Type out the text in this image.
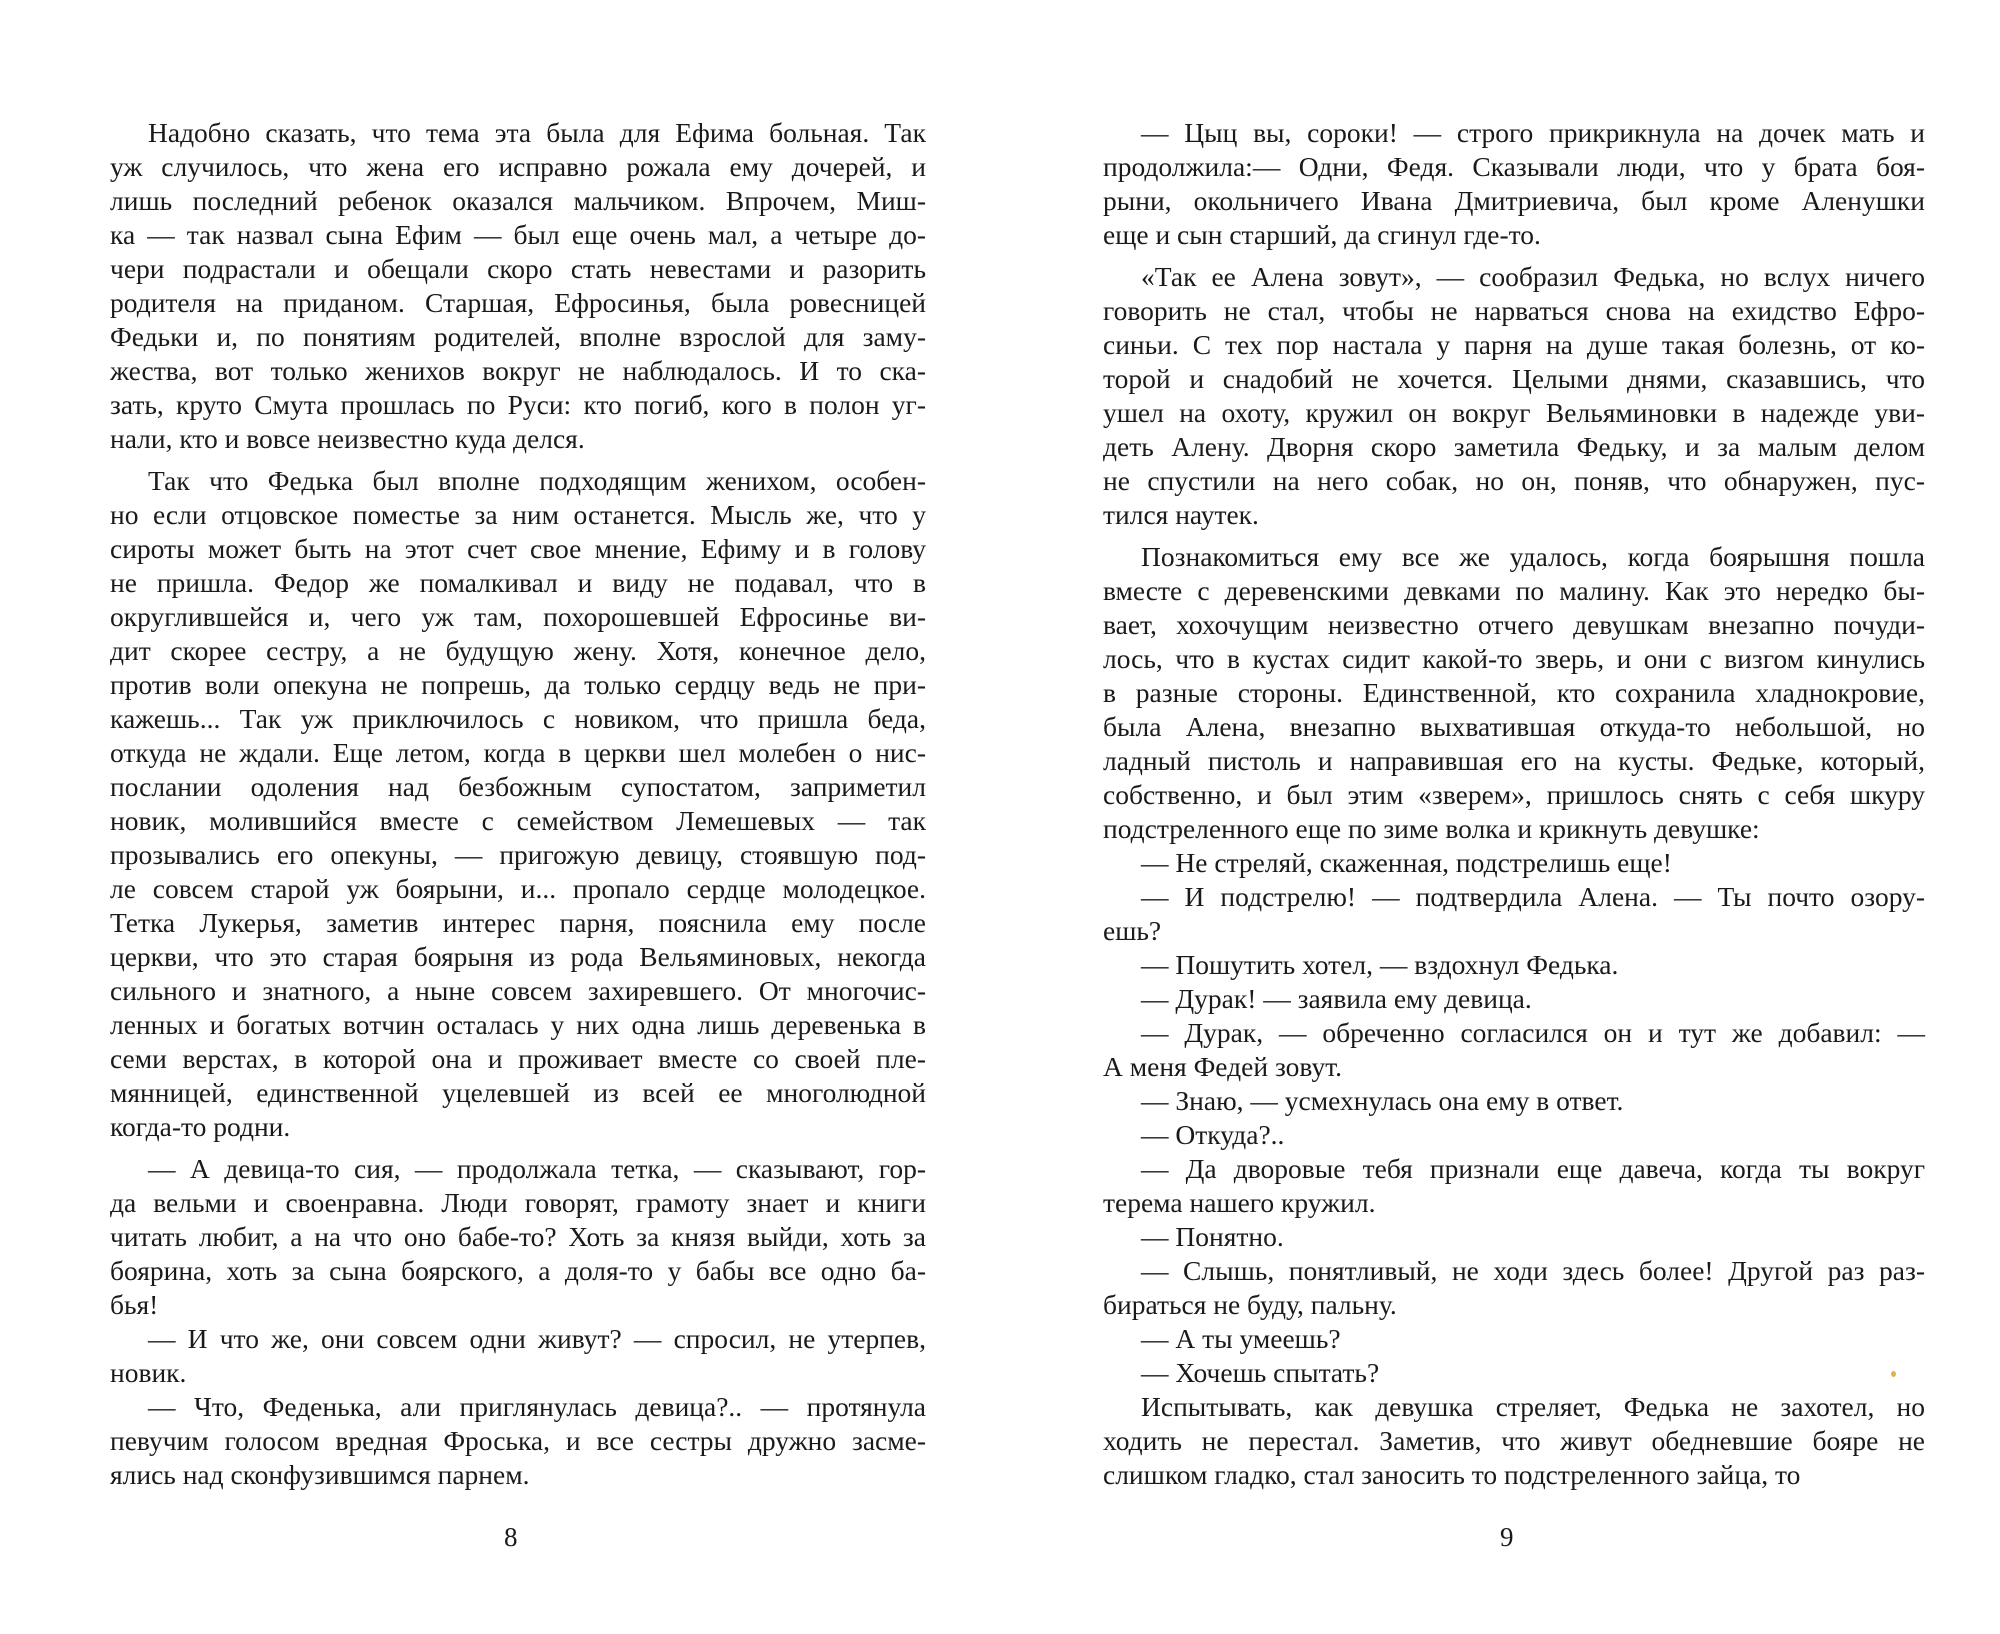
Надобно сказать, что тема эта была для Ефима больная. Так
уж случилось, что жена его исправно рожала ему дочерей, и
лишь последний ребенок оказался мальчиком. Впрочем, Миш-
ка — так назвал сына Ефим — был еще очень мал, а четыре до-
чери подрастали и обещали скоро стать невестами и разорить
родителя на приданом. Старшая, Ефросинья, была ровесницей
Федьки и, по понятиям родителей, вполне взрослой для заму-
жества, вот только женихов вокруг не наблюдалось. И то ска-
зать, круто Смута прошлась по Руси: кто погиб, кого в полон уг-
нали, кто и вовсе неизвестно куда делся.
Так что Федька был вполне подходящим женихом, особен-
но если отцовское поместье за ним останется. Мысль же, что у
сироты может быть на этот счет свое мнение, Ефиму и в голову
не пришла. Федор же помалкивал и виду не подавал, что в
округлившейся и, чего уж там, похорошевшей Ефросинье ви-
дит скорее сестру, а не будущую жену. Хотя, конечное дело,
против воли опекуна не попрешь, да только сердцу ведь не при-
кажешь... Так уж приключилось с новиком, что пришла беда,
откуда не ждали. Еще летом, когда в церкви шел молебен о нис-
послании одоления над безбожным супостатом, заприметил
новик, молившийся вместе с семейством Лемешевых — так
прозывались его опекуны, — пригожую девицу, стоявшую под-
ле совсем старой уж боярыни, и... пропало сердце молодецкое.
Тетка Лукерья, заметив интерес парня, пояснила ему после
церкви, что это старая боярыня из рода Вельяминовых, некогда
сильного и знатного, а ныне совсем захиревшего. От многочис-
ленных и богатых вотчин осталась у них одна лишь деревенька в
семи верстах, в которой она и проживает вместе со своей пле-
мянницей, единственной уцелевшей из всей ее многолюдной
когда-то родни.
— А девица-то сия, — продолжала тетка, — сказывают, гор-
да вельми и своенравна. Люди говорят, грамоту знает и книги
читать любит, а на что оно бабе-то? Хоть за князя выйди, хоть за
боярина, хоть за сына боярского, а доля-то у бабы все одно ба-
бья!
— И что же, они совсем одни живут? — спросил, не утерпев,
новик.
— Что, Феденька, али приглянулась девица?.. — протянула
певучим голосом вредная Фроська, и все сестры дружно засме-
ялись над сконфузившимся парнем.
— Цыц вы, сороки! — строго прикрикнула на дочек мать и
продолжила:— Одни, Федя. Сказывали люди, что у брата боя-
рыни, окольничего Ивана Дмитриевича, был кроме Аленушки
еще и сын старший, да сгинул где-то.
«Так ее Алена зовут», — сообразил Федька, но вслух ничего
говорить не стал, чтобы не нарваться снова на ехидство Ефро-
синьи. С тех пор настала у парня на душе такая болезнь, от ко-
торой и снадобий не хочется. Целыми днями, сказавшись, что
ушел на охоту, кружил он вокруг Вельяминовки в надежде уви-
деть Алену. Дворня скоро заметила Федьку, и за малым делом
не спустили на него собак, но он, поняв, что обнаружен, пус-
тился наутек.
Познакомиться ему все же удалось, когда боярышня пошла
вместе с деревенскими девками по малину. Как это нередко бы-
вает, хохочущим неизвестно отчего девушкам внезапно почуди-
лось, что в кустах сидит какой-то зверь, и они с визгом кинулись
в разные стороны. Единственной, кто сохранила хладнокровие,
была Алена, внезапно выхватившая откуда-то небольшой, но
ладный пистоль и направившая его на кусты. Федьке, который,
собственно, и был этим «зверем», пришлось снять с себя шкуру
подстреленного еще по зиме волка и крикнуть девушке:
— Не стреляй, скаженная, подстрелишь еще!
— И подстрелю! — подтвердила Алена. — Ты почто озору-
ешь?
— Пошутить хотел, — вздохнул Федька.
— Дурак! — заявила ему девица.
— Дурак, — обреченно согласился он и тут же добавил: —
А меня Федей зовут.
— Знаю, — усмехнулась она ему в ответ.
— Откуда?..
— Да дворовые тебя признали еще давеча, когда ты вокруг
терема нашего кружил.
— Понятно.
— Слышь, понятливый, не ходи здесь более! Другой раз раз-
бираться не буду, пальну.
— А ты умеешь?
— Хочешь спытать?
Испытывать, как девушка стреляет, Федька не захотел, но
ходить не перестал. Заметив, что живут обедневшие бояре не
слишком гладко, стал заносить то подстреленного зайца, то
8	9
